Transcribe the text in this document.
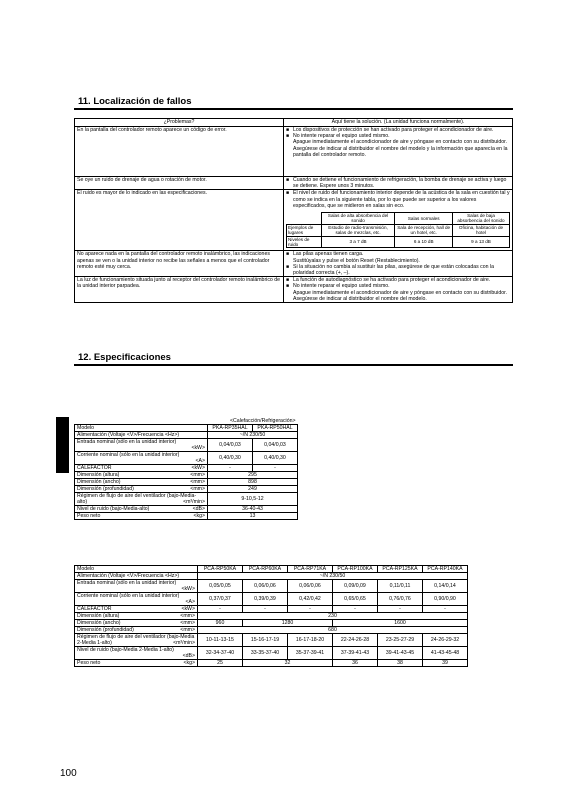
11. Localización de fallos
¿Problemas?	Aquí tiene la solución. (La unidad funciona normalmente).
En la pantalla del controlador remoto aparece un código de error.	
■Los dispositivos de protección se han activado para proteger el acondicionador de aire.
■ No intente reparar el equipo usted mismo.
Apague inmediatamente el acondicionador de aire y póngase en contacto con su distribuidor. Asegúrese de indicar al distribuidor el nombre del modelo y la información que aparecía en la pantalla del controlador remoto.

Se oye un ruido de drenaje de agua o rotación de motor.	
■Cuando se detiene el funcionamiento de refrigeración, la bomba de drenaje se activa y luego se detiene. Espere unos 3 minutos.

El ruido es mayor de lo indicado en las especificaciones.	
■El nivel de ruido del funcionamiento interior depende de la acústica de la sala en cuestión tal y como se indica en la siguiente tabla, por lo que puede ser superior a los valores especificados, que se midieron en salas sin eco.
	Salas de alta absorbencia del sonido	Salas normales	Salas de baja absorbencia del sonido
Ejemplos de lugares	Estudio de radio-transmisión, salas de mezclas, etc.	Sala de recepción, hall de un hotel, etc.	Oficina, habitación de hotel
Niveles de ruido	3 a 7 dB	6 a 10 dB	9 a 13 dB

No aparece nada en la pantalla del controlador remoto inalámbrico, las indicaciones apenas se ven o la unidad interior no recibe las señales a menos que el controlador remoto esté muy cerca.	
■ Las pilas apenas tienen carga.
Sustitúyalas y pulse el botón Reset (Restablecimiento).
■ Si la situación no cambia al sustituir las pilas, asegúrese de que están colocadas con la polaridad correcta (+, –).

La luz de funcionamiento situada junto al receptor del controlador remoto inalámbrico de la unidad interior parpadea.	
■ La función de autodiagnóstico se ha activado para proteger el acondicionador de aire.
■ No intente reparar el equipo usted mismo.
Apague inmediatamente el acondicionador de aire y póngase en contacto con su distribuidor. Asegúrese de indicar al distribuidor el nombre del modelo.
12. Especificaciones
<Calefacción/Refrigeración>		
Modelo	PKA-RP35HAL	PKA-RP50HAL
Alimentación (Voltaje <V>/Frecuencia <Hz>)	~/N 230/50	
Entrada nominal (sólo en la unidad interior)

<kW>	0,04/0,03	0,04/0,03
Corriente nominal (sólo en la unidad interior)

<A>	0,40/0,30	0,40/0,30
CALEFACTOR <kW>	-	-
Dimensión (altura) <mm>	295	
Dimensión (ancho) <mm>	898	
Dimensión (profundidad) <mm>	249	
Régimen de flujo de aire del ventilador (bajo-Media-alto) <m³/min>	9-10,5-12	
Nivel de ruido (bajo-Media-alto) <dB>	36-40-43	
Peso neto <kg>	13	
Modelo	PCA-RP50KA	PCA-RP60KA	PCA-RP71KA	PCA-RP100KA	PCA-RP125KA	PCA-RP140KA
Alimentación (Voltaje <V>/Frecuencia <Hz>)	~/N 230/50					
Entrada nominal (sólo en la unidad interior)

<kW>	0,05/0,05	0,06/0,06	0,06/0,06	0,09/0,09	0,11/0,11	0,14/0,14
Corriente nominal (sólo en la unidad interior)

<A>	0,37/0,37	0,39/0,39	0,42/0,42	0,65/0,65	0,76/0,76	0,90/0,90
CALEFACTOR <kW>	-	-	-	-	-	-
Dimensión (altura) <mm>	230					
Dimensión (ancho) <mm>	960	1280		1600		
Dimensión (profundidad) <mm>	680					
Régimen de flujo de aire del ventilador (bajo-Media 2-Media 1-alto) <m³/min>	10-11-13-15	15-16-17-19	16-17-18-20	22-24-26-28	23-25-27-29	24-26-29-32
Nivel de ruido (bajo-Media 2-Media 1-alto)

<dB>	32-34-37-40	33-35-37-40	35-37-39-41	37-39-41-43	39-41-43-45	41-43-45-48
Peso neto <kg>	25	32		36	38	39
100
